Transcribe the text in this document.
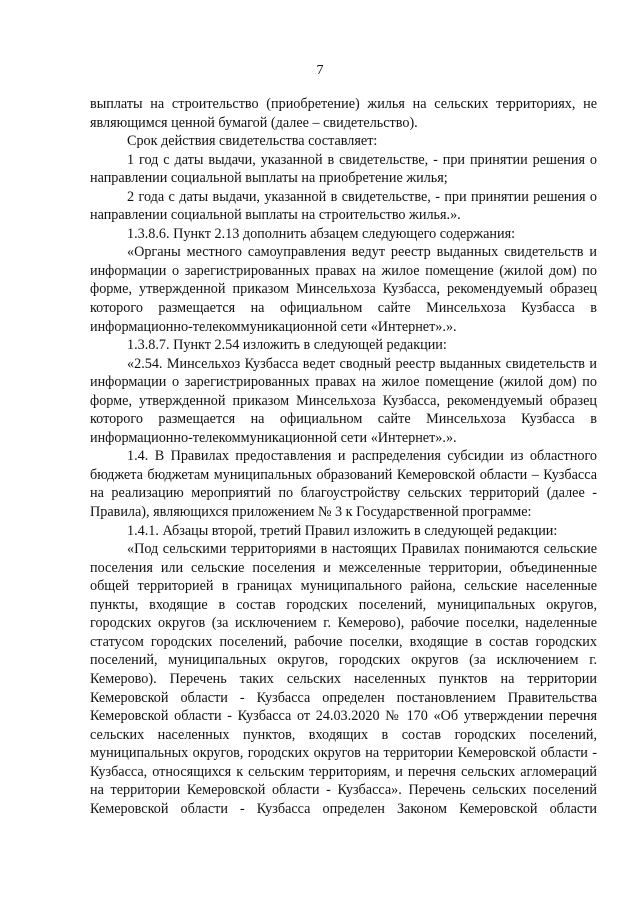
7

выплаты на строительство (приобретение) жилья на сельских территориях, не являющимся ценной бумагой (далее – свидетельство).

Срок действия свидетельства составляет:

1 год с даты выдачи, указанной в свидетельстве, - при принятии решения о направлении социальной выплаты на приобретение жилья;

2 года с даты выдачи, указанной в свидетельстве, - при принятии решения о направлении социальной выплаты на строительство жилья.».

1.3.8.6. Пункт 2.13 дополнить абзацем следующего содержания:

«Органы местного самоуправления ведут реестр выданных свидетельств и информации о зарегистрированных правах на жилое помещение (жилой дом) по форме, утвержденной приказом Минсельхоза Кузбасса, рекомендуемый образец которого размещается на официальном сайте Минсельхоза Кузбасса в информационно-телекоммуникационной сети «Интернет».».

1.3.8.7. Пункт 2.54 изложить в следующей редакции:

«2.54. Минсельхоз Кузбасса ведет сводный реестр выданных свидетельств и информации о зарегистрированных правах на жилое помещение (жилой дом) по форме, утвержденной приказом Минсельхоза Кузбасса, рекомендуемый образец которого размещается на официальном сайте Минсельхоза Кузбасса в информационно-телекоммуникационной сети «Интернет».».

1.4. В Правилах предоставления и распределения субсидии из областного бюджета бюджетам муниципальных образований Кемеровской области – Кузбасса на реализацию мероприятий по благоустройству сельских территорий (далее - Правила), являющихся приложением № 3 к Государственной программе:

1.4.1. Абзацы второй, третий Правил изложить в следующей редакции:

«Под сельскими территориями в настоящих Правилах понимаются сельские поселения или сельские поселения и межселенные территории, объединенные общей территорией в границах муниципального района, сельские населенные пункты, входящие в состав городских поселений, муниципальных округов, городских округов (за исключением г. Кемерово), рабочие поселки, наделенные статусом городских поселений, рабочие поселки, входящие в состав городских поселений, муниципальных округов, городских округов (за исключением г. Кемерово). Перечень таких сельских населенных пунктов на территории Кемеровской области - Кузбасса определен постановлением Правительства Кемеровской области - Кузбасса от 24.03.2020 № 170 «Об утверждении перечня сельских населенных пунктов, входящих в состав городских поселений, муниципальных округов, городских округов на территории Кемеровской области - Кузбасса, относящихся к сельским территориям, и перечня сельских агломераций на территории Кемеровской области - Кузбасса». Перечень сельских поселений Кемеровской области - Кузбасса определен Законом Кемеровской области
